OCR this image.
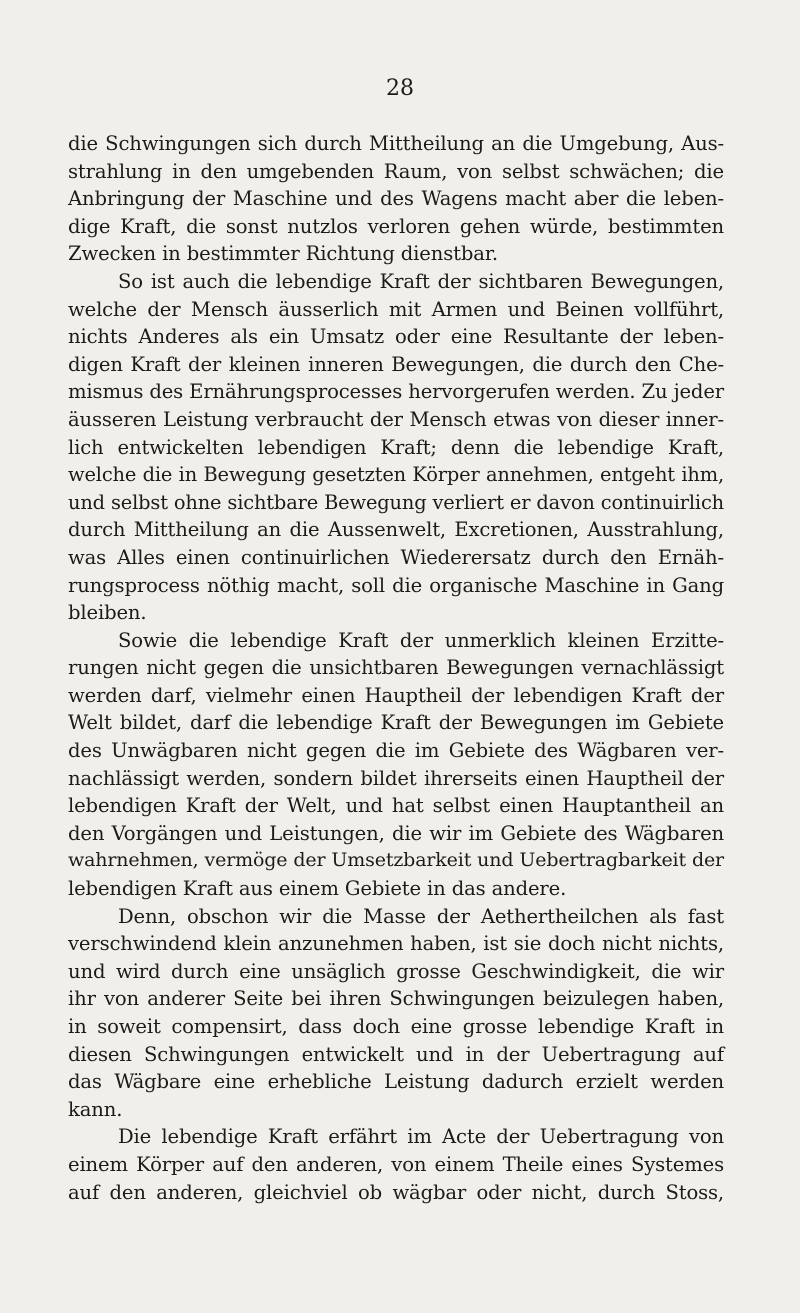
28
die Schwingungen sich durch Mittheilung an die Umgebung, Aus-
strahlung in den umgebenden Raum, von selbst schwächen; die
Anbringung der Maschine und des Wagens macht aber die leben-
dige Kraft, die sonst nutzlos verloren gehen würde, bestimmten
Zwecken in bestimmter Richtung dienstbar.
So ist auch die lebendige Kraft der sichtbaren Bewegungen,
welche der Mensch äusserlich mit Armen und Beinen vollführt,
nichts Anderes als ein Umsatz oder eine Resultante der leben-
digen Kraft der kleinen inneren Bewegungen, die durch den Che-
mismus des Ernährungsprocesses hervorgerufen werden. Zu jeder
äusseren Leistung verbraucht der Mensch etwas von dieser inner-
lich entwickelten lebendigen Kraft; denn die lebendige Kraft,
welche die in Bewegung gesetzten Körper annehmen, entgeht ihm,
und selbst ohne sichtbare Bewegung verliert er davon continuirlich
durch Mittheilung an die Aussenwelt, Excretionen, Ausstrahlung,
was Alles einen continuirlichen Wiederersatz durch den Ernäh-
rungsprocess nöthig macht, soll die organische Maschine in Gang
bleiben.
Sowie die lebendige Kraft der unmerklich kleinen Erzitte-
rungen nicht gegen die unsichtbaren Bewegungen vernachlässigt
werden darf, vielmehr einen Hauptheil der lebendigen Kraft der
Welt bildet, darf die lebendige Kraft der Bewegungen im Gebiete
des Unwägbaren nicht gegen die im Gebiete des Wägbaren ver-
nachlässigt werden, sondern bildet ihrerseits einen Hauptheil der
lebendigen Kraft der Welt, und hat selbst einen Hauptantheil an
den Vorgängen und Leistungen, die wir im Gebiete des Wägbaren
wahrnehmen, vermöge der Umsetzbarkeit und Uebertragbarkeit der
lebendigen Kraft aus einem Gebiete in das andere.
Denn, obschon wir die Masse der Aethertheilchen als fast
verschwindend klein anzunehmen haben, ist sie doch nicht nichts,
und wird durch eine unsäglich grosse Geschwindigkeit, die wir
ihr von anderer Seite bei ihren Schwingungen beizulegen haben,
in soweit compensirt, dass doch eine grosse lebendige Kraft in
diesen Schwingungen entwickelt und in der Uebertragung auf
das Wägbare eine erhebliche Leistung dadurch erzielt werden
kann.
Die lebendige Kraft erfährt im Acte der Uebertragung von
einem Körper auf den anderen, von einem Theile eines Systemes
auf den anderen, gleichviel ob wägbar oder nicht, durch Stoss,
